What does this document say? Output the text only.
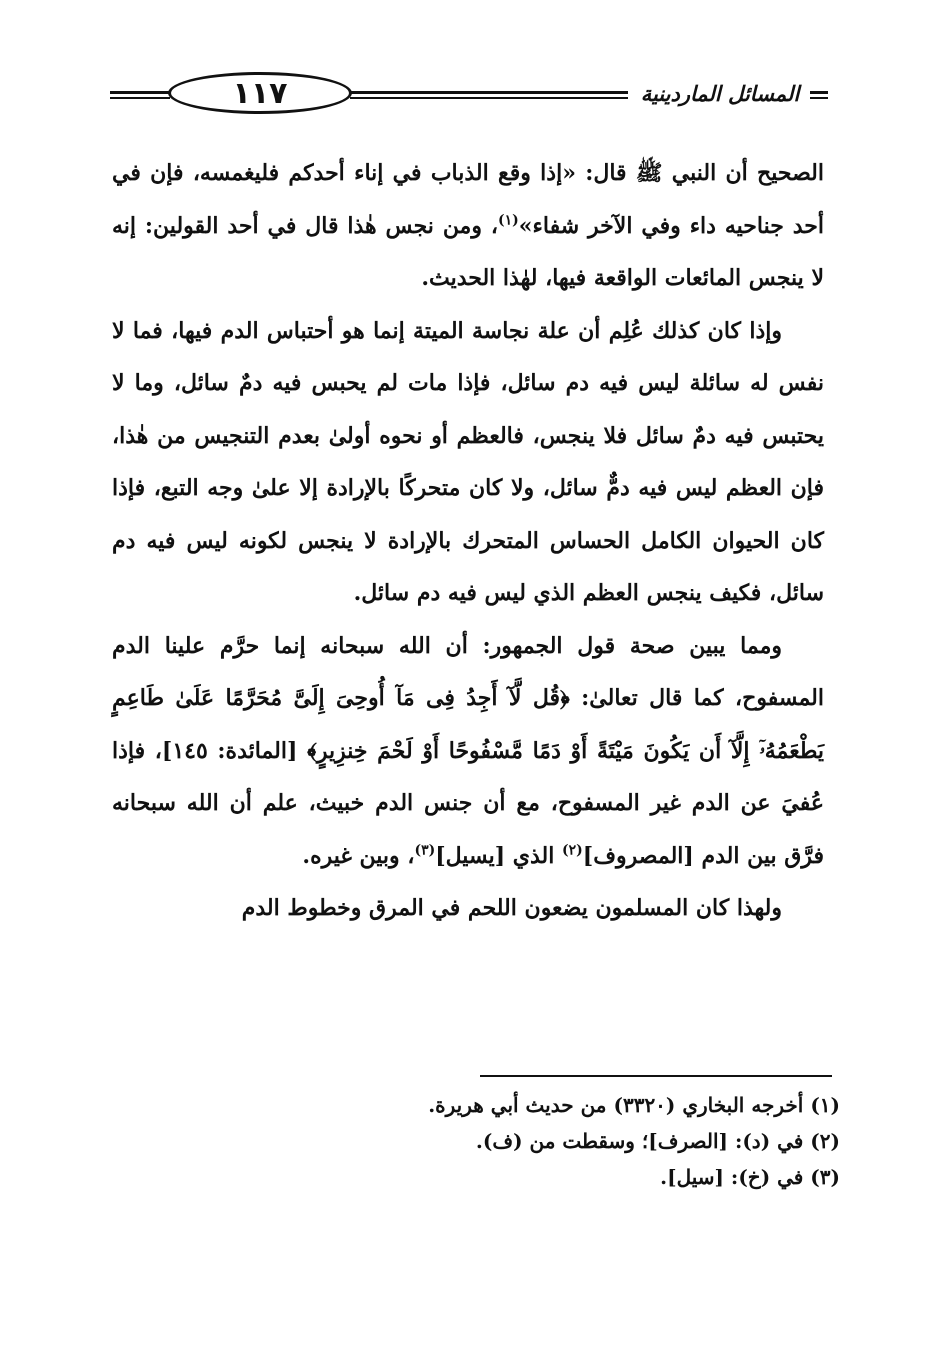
١١٧	المسائل الماردينية

الصحيح أن النبي ﷺ قال: «إذا وقع الذباب في إناء أحدكم فليغمسه، فإن في أحد جناحيه داء وفي الآخر شفاء»$^{(١)}$، ومن نجس هٰذا قال في أحد القولين: إنه لا ينجس المائعات الواقعة فيها، لهٰذا الحديث.

وإذا كان كذلك عُلِم أن علة نجاسة الميتة إنما هو أحتباس الدم فيها، فما لا نفس له سائلة ليس فيه دم سائل، فإذا مات لم يحبس فيه دمٌ سائل، وما لا يحتبس فيه دمٌ سائل فلا ينجس، فالعظم أو نحوه أولىٰ بعدم التنجيس من هٰذا، فإن العظم ليس فيه دمٌّ سائل، ولا كان متحركًا بالإرادة إلا علىٰ وجه التبع، فإذا كان الحيوان الكامل الحساس المتحرك بالإرادة لا ينجس لكونه ليس فيه دم سائل، فكيف ينجس العظم الذي ليس فيه دم سائل.

ومما يبين صحة قول الجمهور: أن الله سبحانه إنما حرَّم علينا الدم المسفوح، كما قال تعالىٰ: ﴿قُل لَّآ أَجِدُ فِى مَآ أُوحِىَ إِلَىَّ مُحَرَّمًا عَلَىٰ طَاعِمٍ يَطْعَمُهُۥٓ إِلَّآ أَن يَكُونَ مَيْتَةً أَوْ دَمًا مَّسْفُوحًا أَوْ لَحْمَ خِنزِيرٍ﴾ [المائدة: ١٤٥]، فإذا عُفيَ عن الدم غير المسفوح، مع أن جنس الدم خبيث، علم أن الله سبحانه فرَّق بين الدم [المصروف]$^{(٢)}$ الذي [يسيل]$^{(٣)}$، وبين غيره.

ولهذا كان المسلمون يضعون اللحم في المرق وخطوط الدم

(١) أخرجه البخاري (٣٣٢٠) من حديث أبي هريرة.
(٢) في (د): [الصرف]؛ وسقطت من (ف).
(٣) في (خ): [سيل].
